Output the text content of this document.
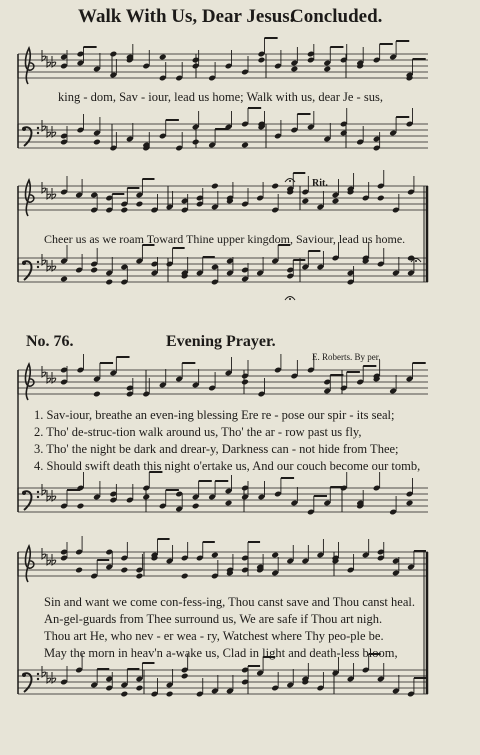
Walk With Us, Dear Jesus.
Concluded.
Rit.
king - dom, Sav - iour, lead us home; Walk with us, dear Je - sus,
Cheer us as we roam Toward Thine upper kingdom, Saviour, lead us home.
No. 76.	Evening Prayer.
E. Roberts. By per.
1. Sav-iour, breathe an even-ing blessing Ere re - pose our spir - its seal;
2. Tho' de-struc-tion walk around us, Tho' the ar - row past us fly,
3. Tho' the night be dark and drear-y, Darkness can - not hide from Thee;
4. Should swift death this night o'ertake us, And our couch become our tomb,
Sin and want we come con-fess-ing, Thou canst save and Thou canst heal.
An-gel-guards from Thee surround us, We are safe if Thou art nigh.
Thou art He, who nev - er wea - ry, Watchest where Thy peo-ple be.
May the morn in heav'n a-wake us, Clad in light and death-less bloom,
